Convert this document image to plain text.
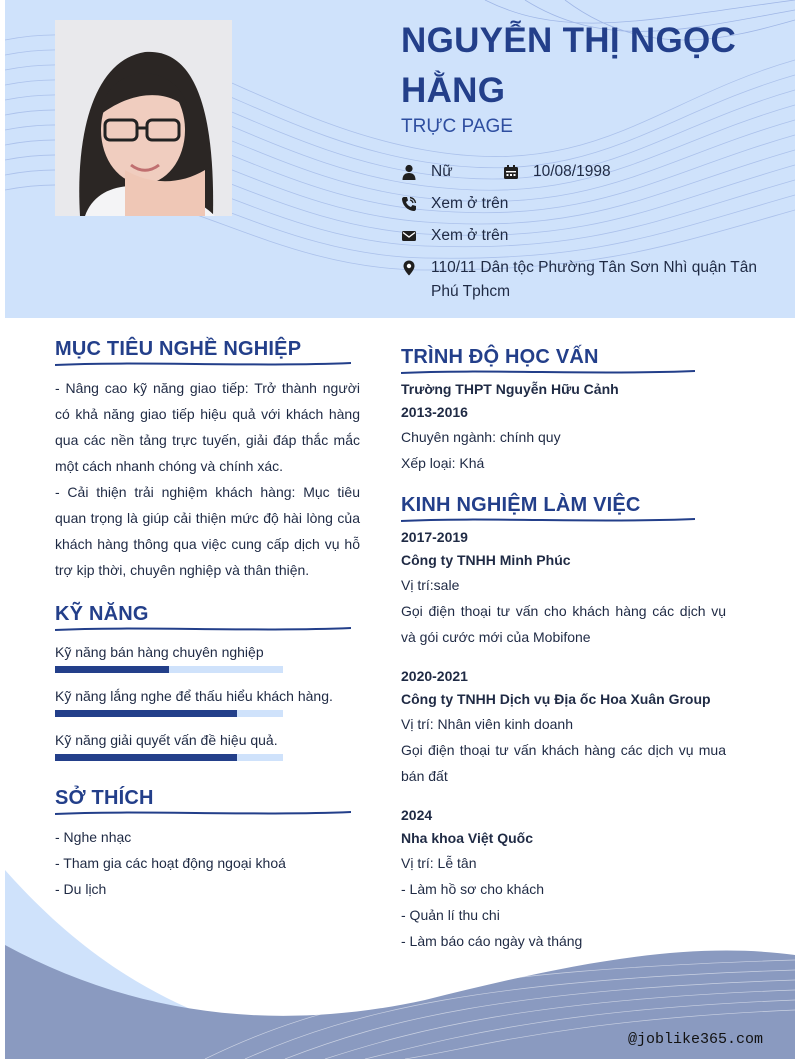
NGUYỄN THỊ NGỌC HẰNG
TRỰC PAGE
Nữ	10/08/1998
Xem ở trên
Xem ở trên
110/11 Dân tộc Phường Tân Sơn Nhì quận Tân Phú Tphcm
MỤC TIÊU NGHỀ NGHIỆP

- Nâng cao kỹ năng giao tiếp: Trở thành người có khả năng giao tiếp hiệu quả với khách hàng qua các nền tảng trực tuyến, giải đáp thắc mắc một cách nhanh chóng và chính xác.

- Cải thiện trải nghiệm khách hàng: Mục tiêu quan trọng là giúp cải thiện mức độ hài lòng của khách hàng thông qua việc cung cấp dịch vụ hỗ trợ kịp thời, chuyên nghiệp và thân thiện.

KỸ NĂNG
Kỹ năng bán hàng chuyên nghiệp
Kỹ năng lắng nghe để thấu hiểu khách hàng.
Kỹ năng giải quyết vấn đề hiệu quả.
SỞ THÍCH
- Nghe nhạc
- Tham gia các hoạt động ngoại khoá
- Du lịch
TRÌNH ĐỘ HỌC VẤN
Trường THPT Nguyễn Hữu Cảnh
2013-2016
Chuyên ngành: chính quy
Xếp loại: Khá
KINH NGHIỆM LÀM VIỆC
2017-2019
Công ty TNHH Minh Phúc
Vị trí:sale

Gọi điện thoại tư vấn cho khách hàng các dịch vụ và gói cước mới của Mobifone

2020-2021
Công ty TNHH Dịch vụ Địa ốc Hoa Xuân Group
Vị trí: Nhân viên kinh doanh

Gọi điện thoại tư vấn khách hàng các dịch vụ mua bán đất

2024
Nha khoa Việt Quốc
Vị trí: Lễ tân
- Làm hồ sơ cho khách
- Quản lí thu chi
- Làm báo cáo ngày và tháng
@joblike365.com
